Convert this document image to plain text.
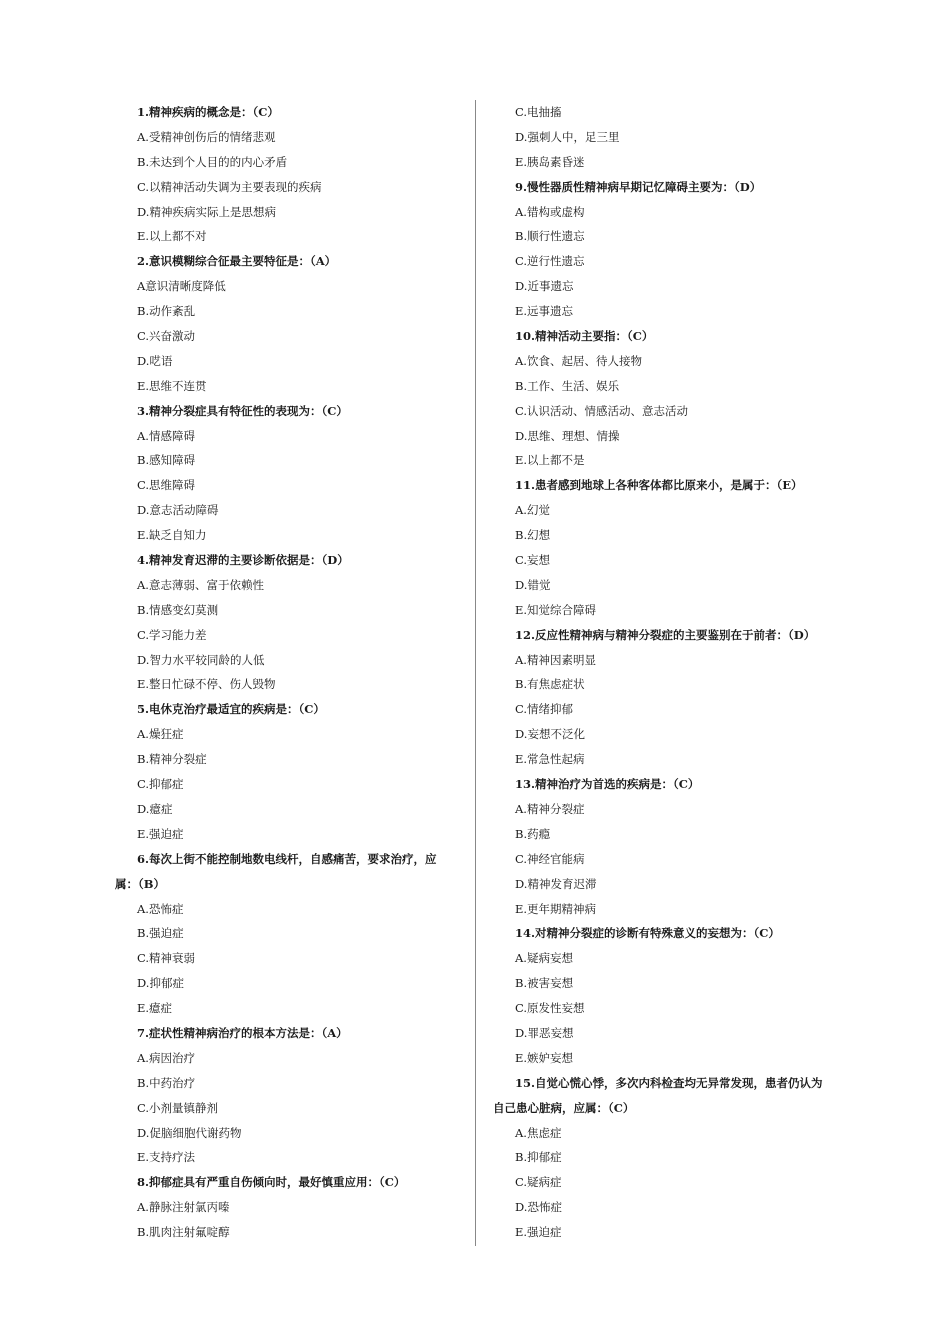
1.精神疾病的概念是：（C）
A.受精神创伤后的情绪悲观
B.未达到个人目的的内心矛盾
C.以精神活动失调为主要表现的疾病
D.精神疾病实际上是思想病
E.以上都不对
2.意识模糊综合征最主要特征是：（A）
A意识清晰度降低
B.动作紊乱
C.兴奋激动
D.呓语
E.思维不连贯
3.精神分裂症具有特征性的表现为：（C）
A.情感障碍
B.感知障碍
C.思维障碍
D.意志活动障碍
E.缺乏自知力
4.精神发育迟滞的主要诊断依据是：（D）
A.意志薄弱、富于依赖性
B.情感变幻莫测
C.学习能力差
D.智力水平较同龄的人低
E.整日忙碌不停、伤人毁物
5.电休克治疗最适宜的疾病是：（C）
A.燥狂症
B.精神分裂症
C.抑郁症
D.癔症
E.强迫症
6.每次上街不能控制地数电线杆，自感痛苦，要求治疗，应
属：（B）
A.恐怖症
B.强迫症
C.精神衰弱
D.抑郁症
E.癔症
7.症状性精神病治疗的根本方法是：（A）
A.病因治疗
B.中药治疗
C.小剂量镇静剂
D.促脑细胞代谢药物
E.支持疗法
8.抑郁症具有严重自伤倾向时，最好慎重应用：（C）
A.静脉注射氯丙嗪
B.肌肉注射氟啶醇
C.电抽搐
D.强刺人中，足三里
E.胰岛素昏迷
9.慢性器质性精神病早期记忆障碍主要为：（D）
A.错构或虚构
B.顺行性遗忘
C.逆行性遗忘
D.近事遗忘
E.远事遗忘
10.精神活动主要指：（C）
A.饮食、起居、待人接物
B.工作、生活、娱乐
C.认识活动、情感活动、意志活动
D.思维、理想、情操
E.以上都不是
11.患者感到地球上各种客体都比原来小，是属于：（E）
A.幻觉
B.幻想
C.妄想
D.错觉
E.知觉综合障碍
12.反应性精神病与精神分裂症的主要鉴别在于前者：（D）
A.精神因素明显
B.有焦虑症状
C.情绪抑郁
D.妄想不泛化
E.常急性起病
13.精神治疗为首选的疾病是：（C）
A.精神分裂症
B.药瘾
C.神经官能病
D.精神发育迟滞
E.更年期精神病
14.对精神分裂症的诊断有特殊意义的妄想为：（C）
A.疑病妄想
B.被害妄想
C.原发性妄想
D.罪恶妄想
E.嫉妒妄想
15.自觉心慌心悸，多次内科检查均无异常发现，患者仍认为
自己患心脏病，应属：（C）
A.焦虑症
B.抑郁症
C.疑病症
D.恐怖症
E.强迫症
